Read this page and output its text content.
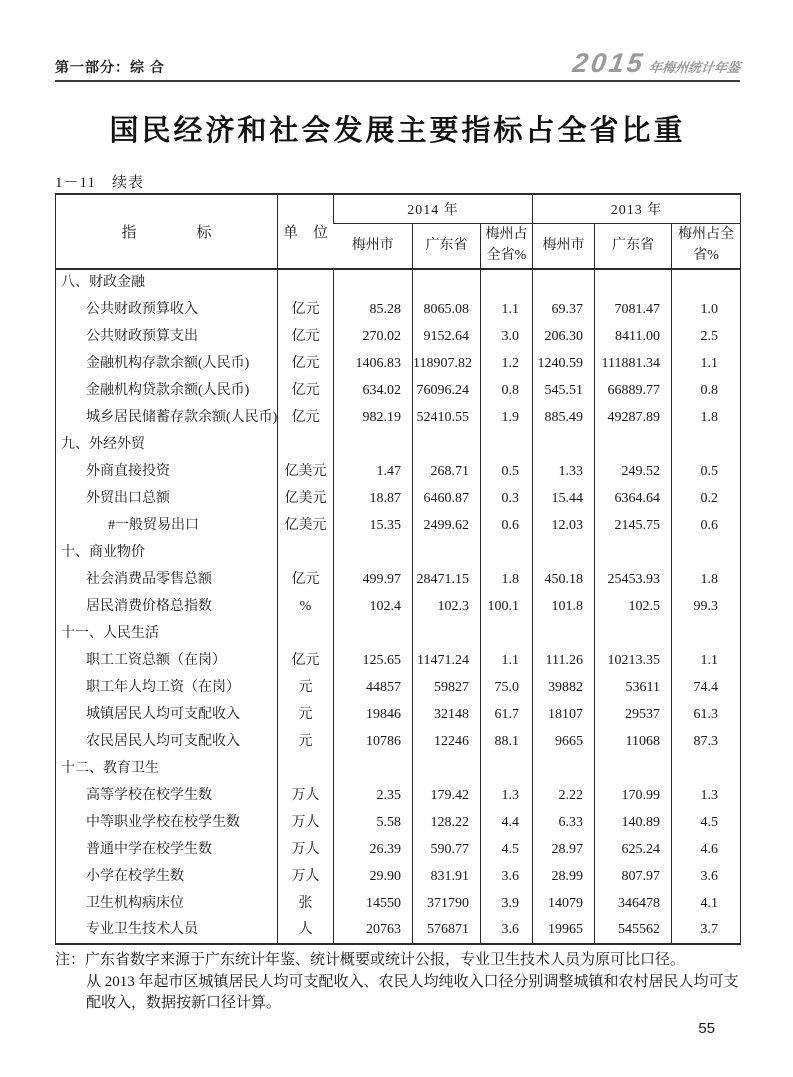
第一部分：综 合	2015年梅州统计年鉴
国民经济和社会发展主要指标占全省比重
1－11　续表
指　　　　标	单　位	2014 年			2013 年		
		梅州市	广东省	梅州占全省%	梅州市	广东省	梅州占全省%
八、财政金融							
公共财政预算收入	亿元	85.28	8065.08	1.1	69.37	7081.47	1.0
公共财政预算支出	亿元	270.02	9152.64	3.0	206.30	8411.00	2.5
金融机构存款余额(人民币)	亿元	1406.83	118907.82	1.2	1240.59	111881.34	1.1
金融机构贷款余额(人民币)	亿元	634.02	76096.24	0.8	545.51	66889.77	0.8
城乡居民储蓄存款余额(人民币)	亿元	982.19	52410.55	1.9	885.49	49287.89	1.8
九、外经外贸							
外商直接投资	亿美元	1.47	268.71	0.5	1.33	249.52	0.5
外贸出口总额	亿美元	18.87	6460.87	0.3	15.44	6364.64	0.2
#一般贸易出口	亿美元	15.35	2499.62	0.6	12.03	2145.75	0.6
十、商业物价							
社会消费品零售总额	亿元	499.97	28471.15	1.8	450.18	25453.93	1.8
居民消费价格总指数	%	102.4	102.3	100.1	101.8	102.5	99.3
十一、人民生活							
职工工资总额（在岗）	亿元	125.65	11471.24	1.1	111.26	10213.35	1.1
职工年人均工资（在岗）	元	44857	59827	75.0	39882	53611	74.4
城镇居民人均可支配收入	元	19846	32148	61.7	18107	29537	61.3
农民居民人均可支配收入	元	10786	12246	88.1	9665	11068	87.3
十二、教育卫生							
高等学校在校学生数	万人	2.35	179.42	1.3	2.22	170.99	1.3
中等职业学校在校学生数	万人	5.58	128.22	4.4	6.33	140.89	4.5
普通中学在校学生数	万人	26.39	590.77	4.5	28.97	625.24	4.6
小学在校学生数	万人	29.90	831.91	3.6	28.99	807.97	3.6
卫生机构病床位	张	14550	371790	3.9	14079	346478	4.1
专业卫生技术人员	人	20763	576871	3.6	19965	545562	3.7

注：广东省数字来源于广东统计年鉴、统计概要或统计公报，专业卫生技术人员为原可比口径。

从 2013 年起市区城镇居民人均可支配收入、农民人均纯收入口径分别调整城镇和农村居民人均可支配收入，数据按新口径计算。

55
